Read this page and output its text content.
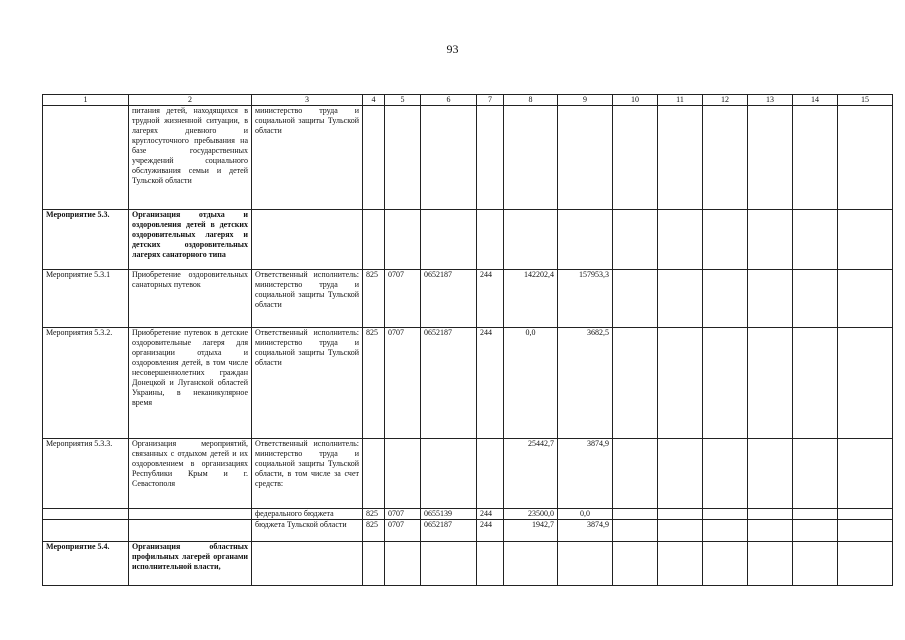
93
1	2	3	4	5	6	7	8	9	10	11	12	13	14	15
	питания детей, находящихся в трудной жизненной ситуации, в лагерях дневного и круглосуточного пребывания на базе государственных учреждений социального обслуживания семьи и детей Тульской области	министерство труда и социальной защиты Тульской области												
Мероприятие 5.3.	Организация отдыха и оздоровления детей в детских оздоровительных лагерях и детских оздоровительных лагерях санаторного типа													
Мероприятие 5.3.1	Приобретение оздоровительных санаторных путевок	Ответственный исполнитель: министерство труда и социальной защиты Тульской области	825	0707	0652187	244	142202,4	157953,3						
Мероприятия 5.3.2.	Приобретение путевок в детские оздоровительные лагеря для организации отдыха и оздоровления детей, в том числе несовершеннолетних граждан Донецкой и Луганской областей Украины, в неканикулярное время	Ответственный исполнитель: министерство труда и социальной защиты Тульской области	825	0707	0652187	244	0,0	3682,5						
Мероприятия 5.3.3.	Организация мероприятий, связанных с отдыхом детей и их оздоровлением в организациях Республики Крым и г. Севастополя	Ответственный исполнитель: министерство труда и социальной защиты Тульской области, в том числе за счет средств:					25442,7	3874,9						
		федерального бюджета	825	0707	0655139	244	23500,0	0,0						
		бюджета Тульской области	825	0707	0652187	244	1942,7	3874,9						
Мероприятие 5.4.	Организация областных профильных лагерей органами исполнительной власти,													
